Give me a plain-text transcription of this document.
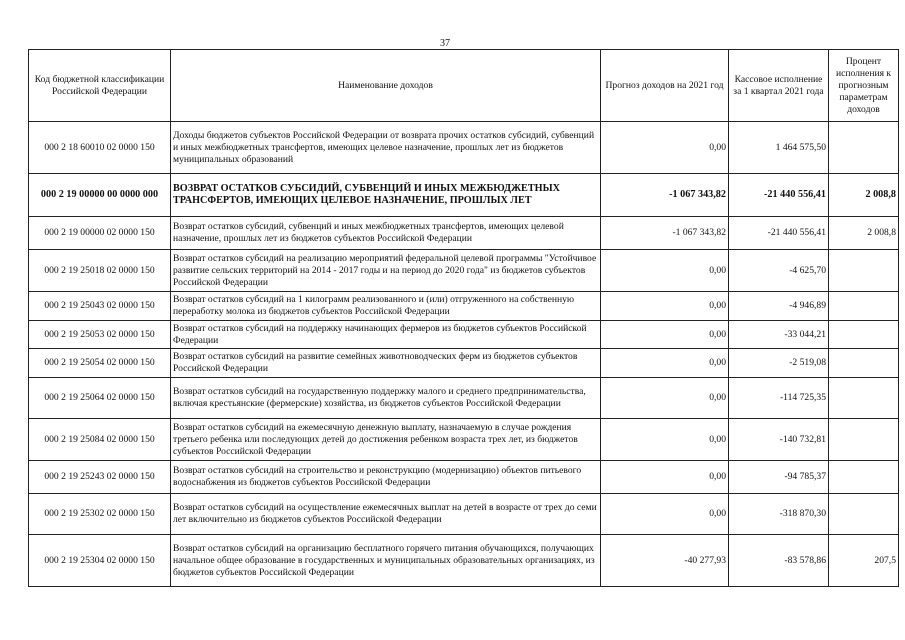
37
Код бюджетной классификации Российской Федерации	Наименование доходов	Прогноз доходов на 2021 год	Кассовое исполнение за 1 квартал 2021 года	Процент исполнения к прогнозным параметрам доходов
000 2 18 60010 02 0000 150	Доходы бюджетов субъектов Российской Федерации от возврата прочих остатков субсидий, субвенций и иных межбюджетных трансфертов, имеющих целевое назначение, прошлых лет из бюджетов муниципальных образований	0,00	1 464 575,50	
000 2 19 00000 00 0000 000	ВОЗВРАТ ОСТАТКОВ СУБСИДИЙ, СУБВЕНЦИЙ И ИНЫХ МЕЖБЮДЖЕТНЫХ ТРАНСФЕРТОВ, ИМЕЮЩИХ ЦЕЛЕВОЕ НАЗНАЧЕНИЕ, ПРОШЛЫХ ЛЕТ	-1 067 343,82	-21 440 556,41	2 008,8
000 2 19 00000 02 0000 150	Возврат остатков субсидий, субвенций и иных межбюджетных трансфертов, имеющих целевой назначение, прошлых лет из бюджетов субъектов Российской Федерации	-1 067 343,82	-21 440 556,41	2 008,8
000 2 19 25018 02 0000 150	Возврат остатков субсидий на реализацию мероприятий федеральной целевой программы "Устойчивое развитие сельских территорий на 2014 - 2017 годы и на период до 2020 года" из бюджетов субъектов Российской Федерации	0,00	-4 625,70	
000 2 19 25043 02 0000 150	Возврат остатков субсидий на 1 килограмм реализованного и (или) отгруженного на собственную переработку молока из бюджетов субъектов Российской Федерации	0,00	-4 946,89	
000 2 19 25053 02 0000 150	Возврат остатков субсидий на поддержку начинающих фермеров из бюджетов субъектов Российской Федерации	0,00	-33 044,21	
000 2 19 25054 02 0000 150	Возврат остатков субсидий на развитие семейных животноводческих ферм из бюджетов субъектов Российской Федерации	0,00	-2 519,08	
000 2 19 25064 02 0000 150	Возврат остатков субсидий на государственную поддержку малого и среднего предпринимательства, включая крестьянские (фермерские) хозяйства, из бюджетов субъектов Российской Федерации	0,00	-114 725,35	
000 2 19 25084 02 0000 150	Возврат остатков субсидий на ежемесячную денежную выплату, назначаемую в случае рождения третьего ребенка или последующих детей до достижения ребенком возраста трех лет, из бюджетов субъектов Российской Федерации	0,00	-140 732,81	
000 2 19 25243 02 0000 150	Возврат остатков субсидий на строительство и реконструкцию (модернизацию) объектов питьевого водоснабжения из бюджетов субъектов Российской Федерации	0,00	-94 785,37	
000 2 19 25302 02 0000 150	Возврат остатков субсидий на осуществление ежемесячных выплат на детей в возрасте от трех до семи лет включительно из бюджетов субъектов Российской Федерации	0,00	-318 870,30	
000 2 19 25304 02 0000 150	Возврат остатков субсидий на организацию бесплатного горячего питания обучающихся, получающих начальное общее образование в государственных и муниципальных образовательных организациях, из бюджетов субъектов Российской Федерации	-40 277,93	-83 578,86	207,5
